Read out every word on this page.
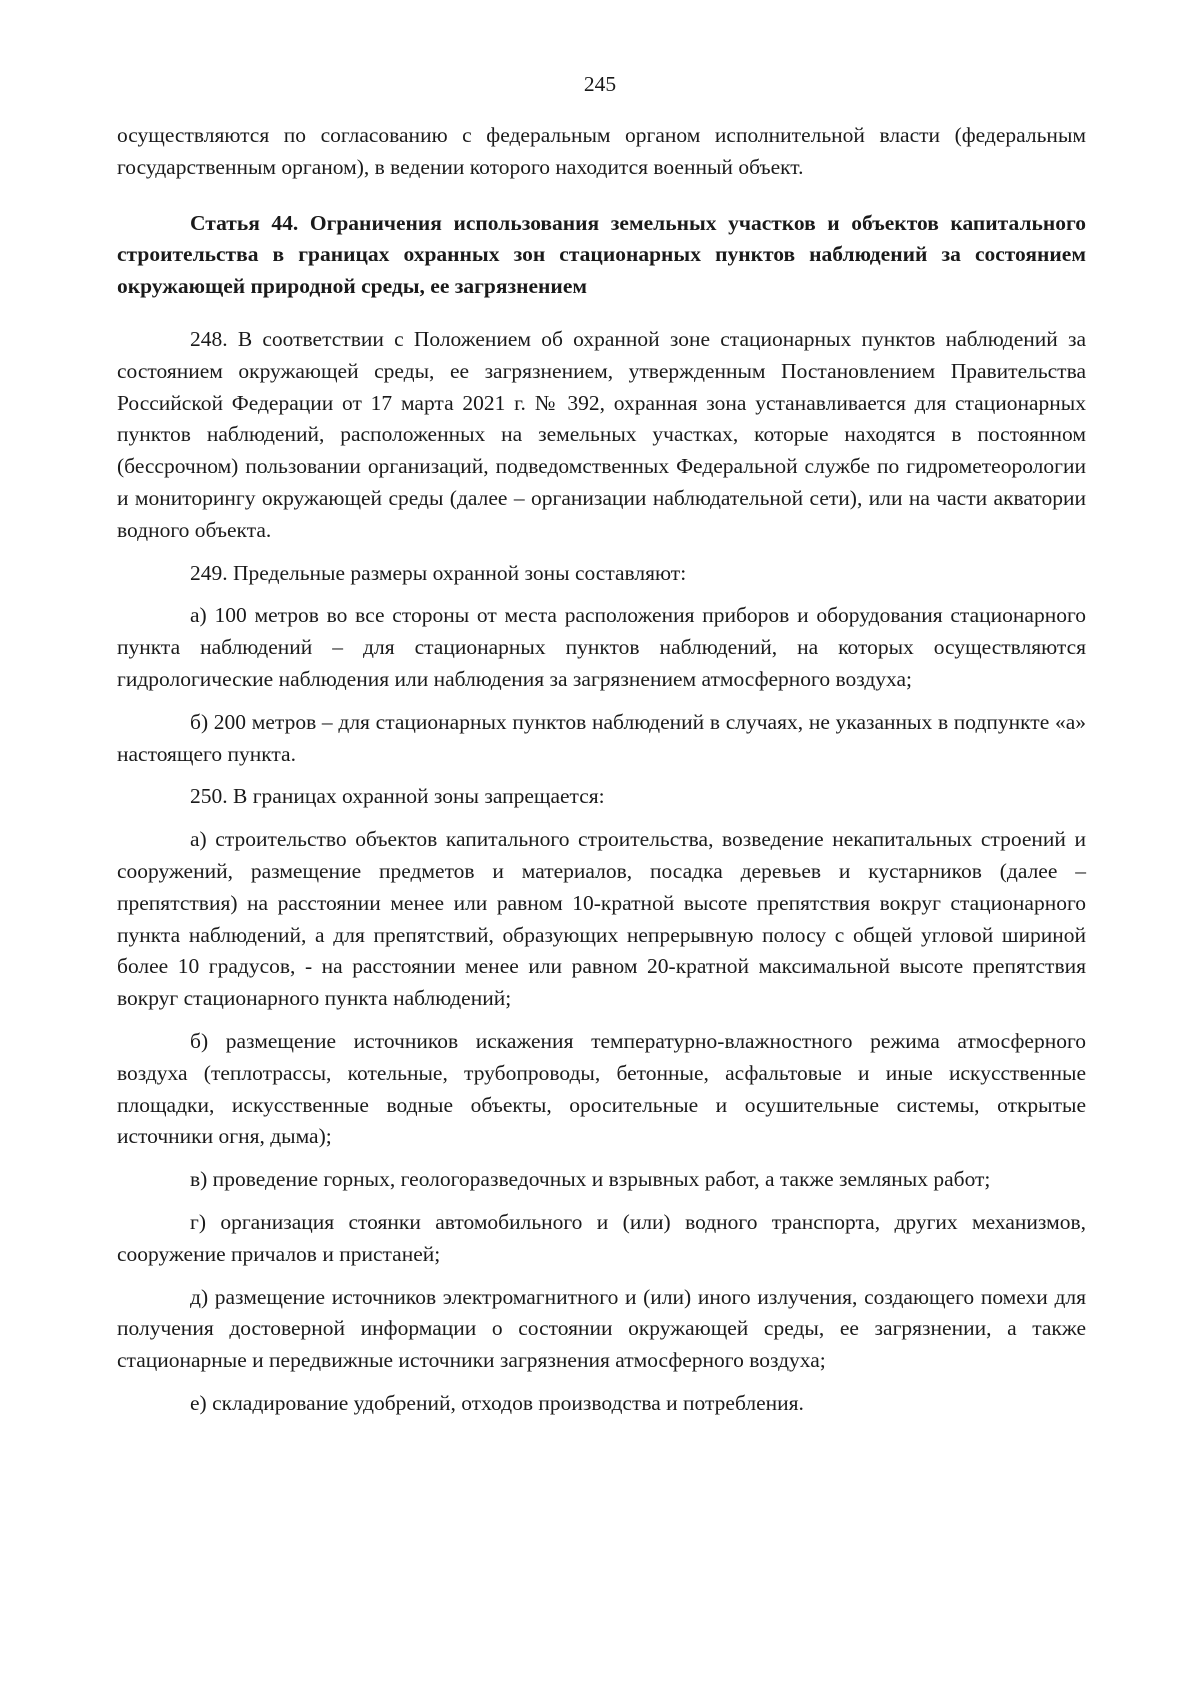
245

осуществляются по согласованию с федеральным органом исполнительной власти (федеральным государственным органом), в ведении которого находится военный объект.

Статья 44. Ограничения использования земельных участков и объектов капитального строительства в границах охранных зон стационарных пунктов наблюдений за состоянием окружающей природной среды, ее загрязнением

248. В соответствии с Положением об охранной зоне стационарных пунктов наблюдений за состоянием окружающей среды, ее загрязнением, утвержденным Постановлением Правительства Российской Федерации от 17 марта 2021 г. № 392, охранная зона устанавливается для стационарных пунктов наблюдений, расположенных на земельных участках, которые находятся в постоянном (бессрочном) пользовании организаций, подведомственных Федеральной службе по гидрометеорологии и мониторингу окружающей среды (далее – организации наблюдательной сети), или на части акватории водного объекта.

249. Предельные размеры охранной зоны составляют:

а) 100 метров во все стороны от места расположения приборов и оборудования стационарного пункта наблюдений – для стационарных пунктов наблюдений, на которых осуществляются гидрологические наблюдения или наблюдения за загрязнением атмосферного воздуха;

б) 200 метров – для стационарных пунктов наблюдений в случаях, не указанных в подпункте «а» настоящего пункта.

250. В границах охранной зоны запрещается:

а) строительство объектов капитального строительства, возведение некапитальных строений и сооружений, размещение предметов и материалов, посадка деревьев и кустарников (далее – препятствия) на расстоянии менее или равном 10-кратной высоте препятствия вокруг стационарного пункта наблюдений, а для препятствий, образующих непрерывную полосу с общей угловой шириной более 10 градусов, - на расстоянии менее или равном 20-кратной максимальной высоте препятствия вокруг стационарного пункта наблюдений;

б) размещение источников искажения температурно-влажностного режима атмосферного воздуха (теплотрассы, котельные, трубопроводы, бетонные, асфальтовые и иные искусственные площадки, искусственные водные объекты, оросительные и осушительные системы, открытые источники огня, дыма);

в) проведение горных, геологоразведочных и взрывных работ, а также земляных работ;

г) организация стоянки автомобильного и (или) водного транспорта, других механизмов, сооружение причалов и пристаней;

д) размещение источников электромагнитного и (или) иного излучения, создающего помехи для получения достоверной информации о состоянии окружающей среды, ее загрязнении, а также стационарные и передвижные источники загрязнения атмосферного воздуха;

е) складирование удобрений, отходов производства и потребления.
